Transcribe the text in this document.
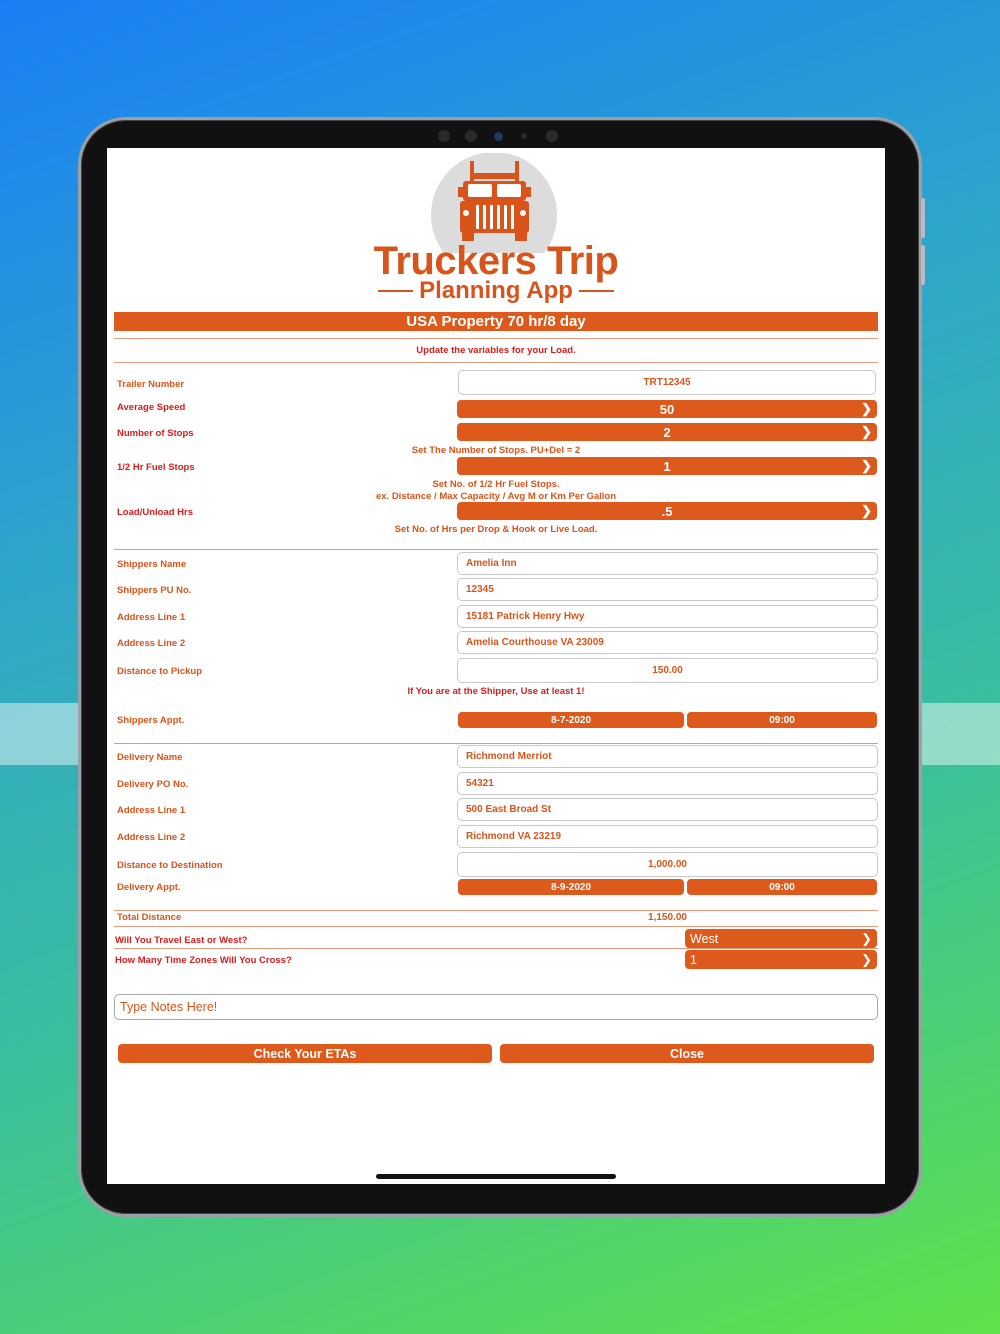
Truckers Trip
Planning App
USA Property 70 hr/8 day
Update the variables for your Load.
Trailer Number	TRT12345
Average Speed	50	❯
Number of Stops	2	❯
Set The Number of Stops. PU+Del = 2
1/2 Hr Fuel Stops	1	❯
Set No. of 1/2 Hr Fuel Stops.
ex. Distance / Max Capacity / Avg M or Km Per Gallon
Load/Unload Hrs	.5	❯
Set No. of Hrs per Drop & Hook or Live Load.
Shippers Name	Amelia Inn
Shippers PU No.	12345
Address Line 1	15181 Patrick Henry Hwy
Address Line 2	Amelia Courthouse VA 23009
Distance to Pickup	150.00
If You are at the Shipper, Use at least 1!
Shippers Appt.	8-7-2020	09:00
Delivery Name	Richmond Merriot
Delivery PO No.	54321
Address Line 1	500 East Broad St
Address Line 2	Richmond VA 23219
Distance to Destination	1,000.00
Delivery Appt.	8-9-2020	09:00
Total Distance	1,150.00
Will You Travel East or West?	West	❯
How Many Time Zones Will You Cross?	1	❯
Type Notes Here!
Check Your ETAs	Close
